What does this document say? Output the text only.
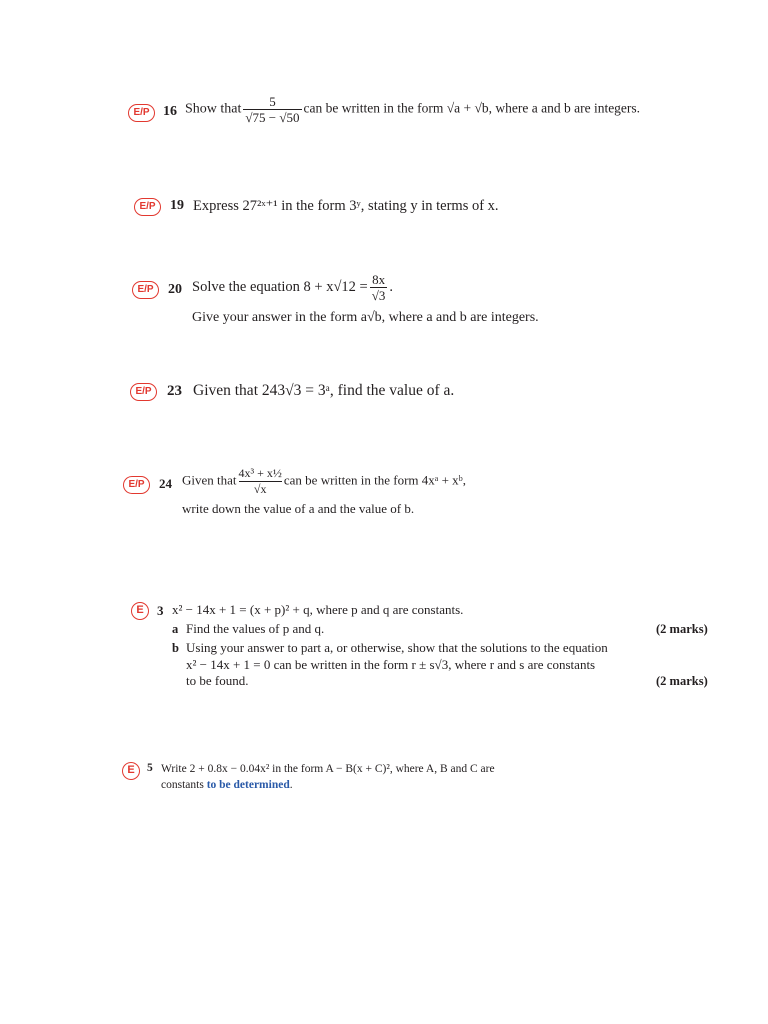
E/P 16 Show that $\frac{5}{√75 - √50}$ can be written in the form √a + √b, where a and b are integers.
E/P	19 Express 27²ˣ⁺¹ in the form 3ʸ, stating y in terms of x.
E/P	20 Solve the equation $8 + x√12 = \frac{8x}{√3}$ .
Give your answer in the form a√b, where a and b are integers.
E/P	23 Given that 243√3 = 3ᵃ, find the value of a.
E/P	24 Given that $\frac{\text{4x³ + x½}}{√x}$ can be written in the form 4xᵃ + xᵇ,
write down the value of a and the value of b.
E	3 x² − 14x + 1 = (x + p)² + q, where p and q are constants.
a Find the values of p and q.	(2 marks)
b Using your answer to part a, or otherwise, show that the solutions to the equation
x² − 14x + 1 = 0 can be written in the form r ± s√3, where r and s are constants
to be found.	(2 marks)
E	5 Write 2 + 0.8x − 0.04x² in the form A − B(x + C)², where A, B and C are
constants to be determined.
